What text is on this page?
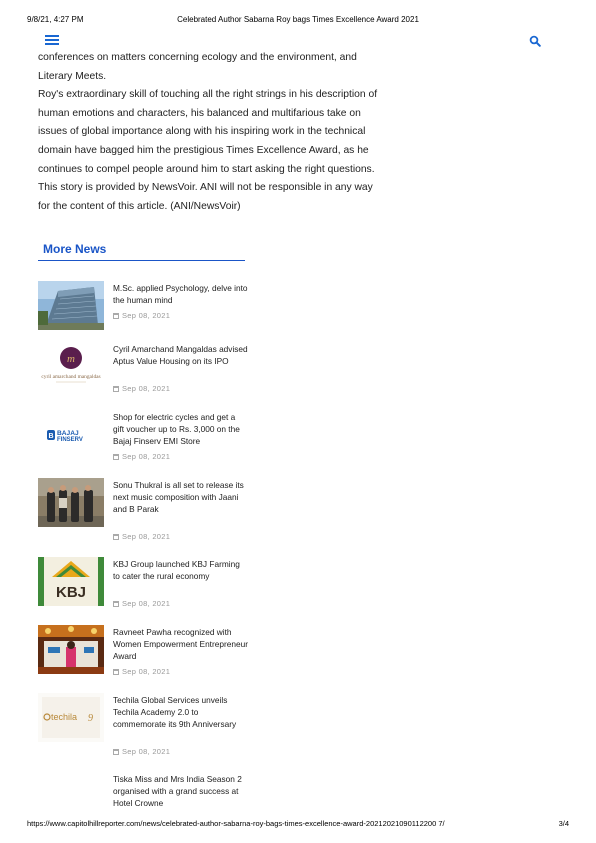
9/8/21, 4:27 PM	Celebrated Author Sabarna Roy bags Times Excellence Award 2021

conferences on matters concerning ecology and the environment, and Literary Meets.

Roy's extraordinary skill of touching all the right strings in his description of human emotions and characters, his balanced and multifarious take on issues of global importance along with his inspiring work in the technical domain have bagged him the prestigious Times Excellence Award, as he continues to compel people around him to start asking the right questions.

This story is provided by NewsVoir. ANI will not be responsible in any way for the content of this article. (ANI/NewsVoir)

More News
M.Sc. applied Psychology, delve into the human mind
Sep 08, 2021
m
cyril amarchand mangaldas
Cyril Amarchand Mangaldas advised Aptus Value Housing on its IPO
Sep 08, 2021
B BAJAJ
FINSERV
Shop for electric cycles and get a gift voucher up to Rs. 3,000 on the Bajaj Finserv EMI Store
Sep 08, 2021
Sonu Thukral is all set to release its next music composition with Jaani and B Parak
Sep 08, 2021
KBJ
KBJ Group launched KBJ Farming to cater the rural economy
Sep 08, 2021
Ravneet Pawha recognized with Women Empowerment Entrepreneur Award
Sep 08, 2021
techila 9
Techila Global Services unveils Techila Academy 2.0 to commemorate its 9th Anniversary
Sep 08, 2021
Tiska Miss and Mrs India Season 2 organised with a grand success at Hotel Crowne
https://www.capitolhillreporter.com/news/celebrated-author-sabarna-roy-bags-times-excellence-award-20212021090112200 7/	3/4
